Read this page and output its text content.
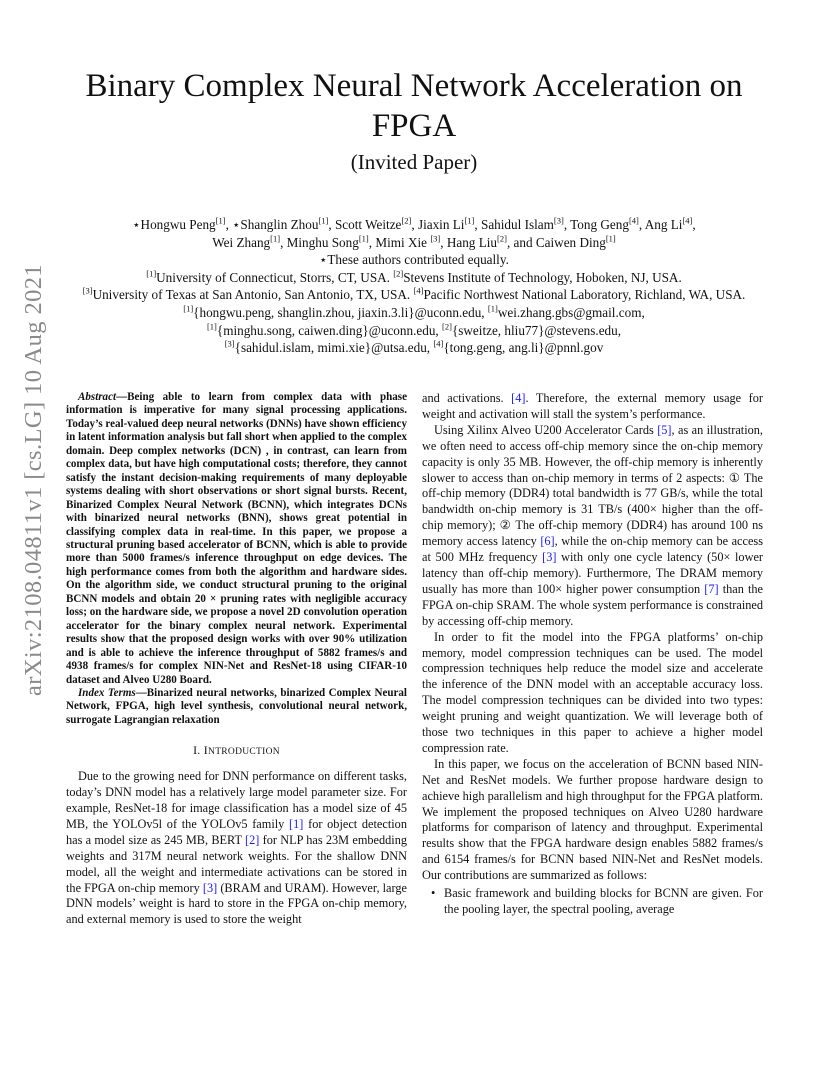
arXiv:2108.04811v1 [cs.LG] 10 Aug 2021
Binary Complex Neural Network Acceleration on
FPGA
(Invited Paper)
⋆Hongwu Peng[1], ⋆Shanglin Zhou[1], Scott Weitze[2], Jiaxin Li[1], Sahidul Islam[3], Tong Geng[4], Ang Li[4],
Wei Zhang[1], Minghu Song[1], Mimi Xie [3], Hang Liu[2], and Caiwen Ding[1]
⋆These authors contributed equally.
[1]University of Connecticut, Storrs, CT, USA. [2]Stevens Institute of Technology, Hoboken, NJ, USA.
[3]University of Texas at San Antonio, San Antonio, TX, USA. [4]Pacific Northwest National Laboratory, Richland, WA, USA.
[1]{hongwu.peng, shanglin.zhou, jiaxin.3.li}@uconn.edu, [1]wei.zhang.gbs@gmail.com,
[1]{minghu.song, caiwen.ding}@uconn.edu, [2]{sweitze, hliu77}@stevens.edu,
[3]{sahidul.islam, mimi.xie}@utsa.edu, [4]{tong.geng, ang.li}@pnnl.gov

Abstract—Being able to learn from complex data with phase information is imperative for many signal processing applications. Today’s real-valued deep neural networks (DNNs) have shown efficiency in latent information analysis but fall short when applied to the complex domain. Deep complex networks (DCN) , in contrast, can learn from complex data, but have high computational costs; therefore, they cannot satisfy the instant decision-making requirements of many deployable systems dealing with short observations or short signal bursts. Recent, Binarized Complex Neural Network (BCNN), which integrates DCNs with binarized neural networks (BNN), shows great potential in classifying complex data in real-time. In this paper, we propose a structural pruning based accelerator of BCNN, which is able to provide more than 5000 frames/s inference throughput on edge devices. The high performance comes from both the algorithm and hardware sides. On the algorithm side, we conduct structural pruning to the original BCNN models and obtain 20 × pruning rates with negligible accuracy loss; on the hardware side, we propose a novel 2D convolution operation accelerator for the binary complex neural network. Experimental results show that the proposed design works with over 90% utilization and is able to achieve the inference throughput of 5882 frames/s and 4938 frames/s for complex NIN-Net and ResNet-18 using CIFAR-10 dataset and Alveo U280 Board.

Index Terms—Binarized neural networks, binarized Complex Neural Network, FPGA, high level synthesis, convolutional neural network, surrogate Lagrangian relaxation

I. INTRODUCTION

Due to the growing need for DNN performance on different tasks, today’s DNN model has a relatively large model parameter size. For example, ResNet-18 for image classification has a model size of 45 MB, the YOLOv5l of the YOLOv5 family [1] for object detection has a model size as 245 MB, BERT [2] for NLP has 23M embedding weights and 317M neural network weights. For the shallow DNN model, all the weight and intermediate activations can be stored in the FPGA on-chip memory [3] (BRAM and URAM). However, large DNN models’ weight is hard to store in the FPGA on-chip memory, and external memory is used to store the weight

and activations. [4]. Therefore, the external memory usage for weight and activation will stall the system’s performance.

Using Xilinx Alveo U200 Accelerator Cards [5], as an illustration, we often need to access off-chip memory since the on-chip memory capacity is only 35 MB. However, the off-chip memory is inherently slower to access than on-chip memory in terms of 2 aspects: ① The off-chip memory (DDR4) total bandwidth is 77 GB/s, while the total bandwidth on-chip memory is 31 TB/s (400× higher than the off-chip memory); ② The off-chip memory (DDR4) has around 100 ns memory access latency [6], while the on-chip memory can be access at 500 MHz frequency [3] with only one cycle latency (50× lower latency than off-chip memory). Furthermore, The DRAM memory usually has more than 100× higher power consumption [7] than the FPGA on-chip SRAM. The whole system performance is constrained by accessing off-chip memory.

In order to fit the model into the FPGA platforms’ on-chip memory, model compression techniques can be used. The model compression techniques help reduce the model size and accelerate the inference of the DNN model with an acceptable accuracy loss. The model compression techniques can be divided into two types: weight pruning and weight quantization. We will leverage both of those two techniques in this paper to achieve a higher model compression rate.

In this paper, we focus on the acceleration of BCNN based NIN-Net and ResNet models. We further propose hardware design to achieve high parallelism and high throughput for the FPGA platform. We implement the proposed techniques on Alveo U280 hardware platforms for comparison of latency and throughput. Experimental results show that the FPGA hardware design enables 5882 frames/s and 6154 frames/s for BCNN based NIN-Net and ResNet models. Our contributions are summarized as follows:

• Basic framework and building blocks for BCNN are given. For the pooling layer, the spectral pooling, average
